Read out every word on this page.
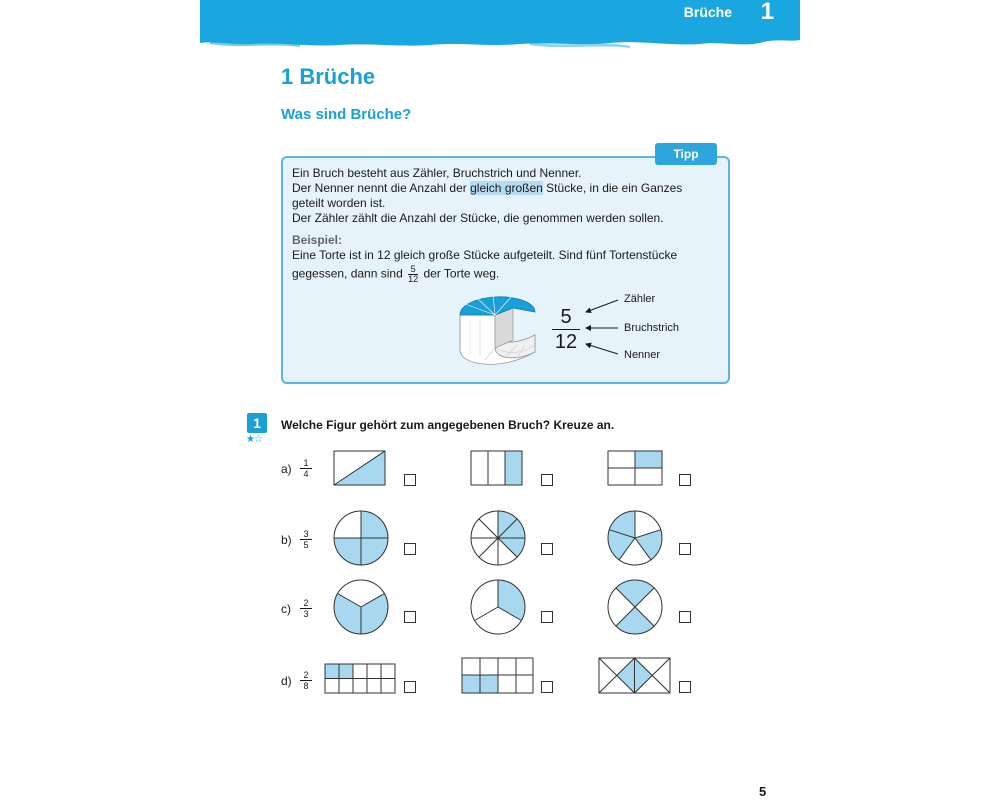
Brüche 1
1 Brüche
Was sind Brüche?
Tipp
Ein Bruch besteht aus Zähler, Bruchstrich und Nenner.
Der Nenner nennt die Anzahl der gleich großen Stücke, in die ein Ganzes
geteilt worden ist.
Der Zähler zählt die Anzahl der Stücke, die genommen werden sollen.
Beispiel:
Eine Torte ist in 12 gleich große Stücke aufgeteilt. Sind fünf Tortenstücke
gegessen, dann sind $\frac{5}{12}$ der Torte weg.
5
12
Zähler
Bruchstrich
Nenner
1
★☆
Welche Figur gehört zum angegebenen Bruch? Kreuze an.
a)	1
4
b)	3
5
c)	2
3
d)	2
8
5
